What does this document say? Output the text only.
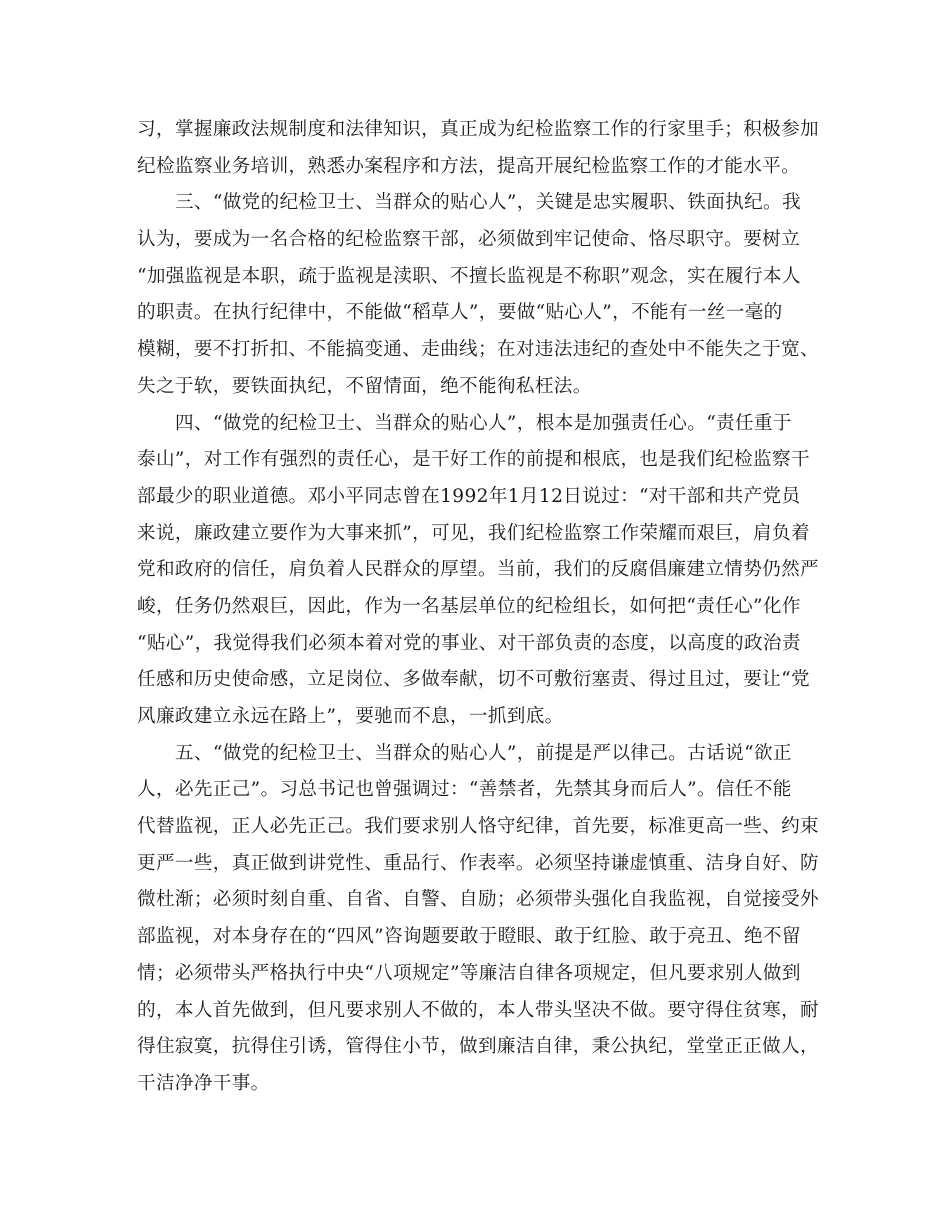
习，掌握廉政法规制度和法律知识，真正成为纪检监察工作的行家里手；积极参加
纪检监察业务培训，熟悉办案程序和方法，提高开展纪检监察工作的才能水平。
三、“做党的纪检卫士、当群众的贴心人”，关键是忠实履职、铁面执纪。我
认为，要成为一名合格的纪检监察干部，必须做到牢记使命、恪尽职守。要树立
“加强监视是本职，疏于监视是渎职、不擅长监视是不称职”观念，实在履行本人
的职责。在执行纪律中，不能做“稻草人”，要做“贴心人”，不能有一丝一毫的
模糊，要不打折扣、不能搞变通、走曲线；在对违法违纪的查处中不能失之于宽、
失之于软，要铁面执纪，不留情面，绝不能徇私枉法。
四、“做党的纪检卫士、当群众的贴心人”，根本是加强责任心。“责任重于
泰山”，对工作有强烈的责任心，是干好工作的前提和根底，也是我们纪检监察干
部最少的职业道德。邓小平同志曾在1992年1月12日说过：“对干部和共产党员
来说，廉政建立要作为大事来抓”，可见，我们纪检监察工作荣耀而艰巨，肩负着
党和政府的信任，肩负着人民群众的厚望。当前，我们的反腐倡廉建立情势仍然严
峻，任务仍然艰巨，因此，作为一名基层单位的纪检组长，如何把“责任心”化作
“贴心”，我觉得我们必须本着对党的事业、对干部负责的态度，以高度的政治责
任感和历史使命感，立足岗位、多做奉献，切不可敷衍塞责、得过且过，要让“党
风廉政建立永远在路上”，要驰而不息，一抓到底。
五、“做党的纪检卫士、当群众的贴心人”，前提是严以律己。古话说“欲正
人，必先正己”。习总书记也曾强调过：“善禁者，先禁其身而后人”。信任不能
代替监视，正人必先正己。我们要求别人恪守纪律，首先要，标准更高一些、约束
更严一些，真正做到讲党性、重品行、作表率。必须坚持谦虚慎重、洁身自好、防
微杜渐；必须时刻自重、自省、自警、自励；必须带头强化自我监视，自觉接受外
部监视，对本身存在的“四风”咨询题要敢于瞪眼、敢于红脸、敢于亮丑、绝不留
情；必须带头严格执行中央“八项规定”等廉洁自律各项规定，但凡要求别人做到
的，本人首先做到，但凡要求别人不做的，本人带头坚决不做。要守得住贫寒，耐
得住寂寞，抗得住引诱，管得住小节，做到廉洁自律，秉公执纪，堂堂正正做人，
干洁净净干事。
